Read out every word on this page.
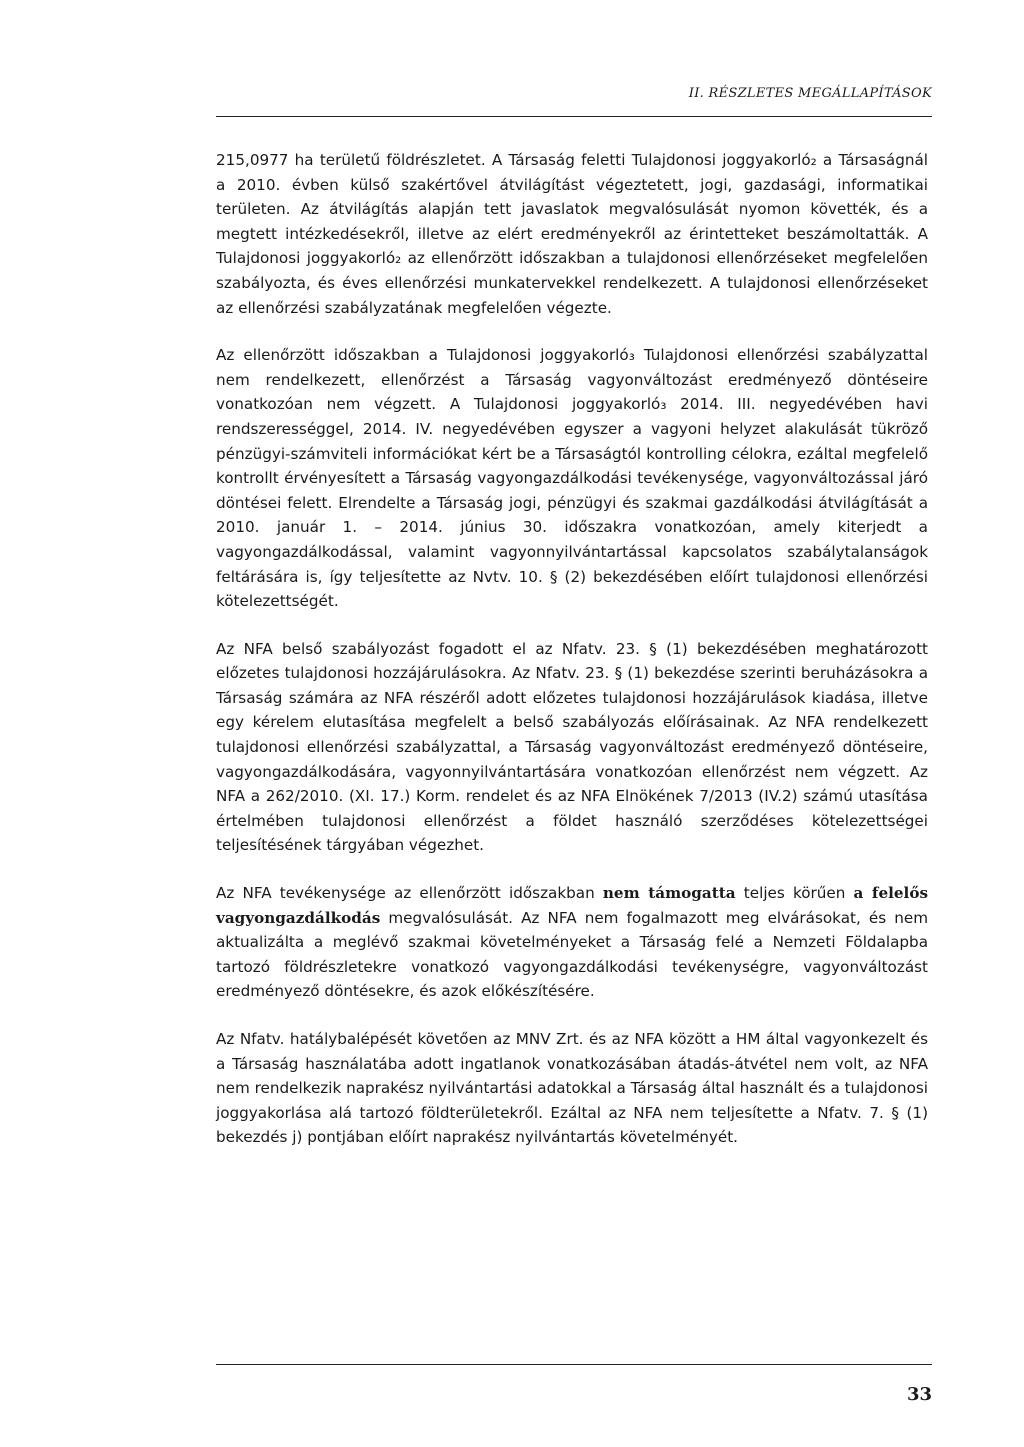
II. RÉSZLETES MEGÁLLAPÍTÁSOK

215,0977 ha területű földrészletet. A Társaság feletti Tulajdonosi joggyakorló₂ a Társaságnál a 2010. évben külső szakértővel átvilágítást végeztetett, jogi, gazdasági, informatikai területen. Az átvilágítás alapján tett javaslatok megvalósulását nyomon követték, és a megtett intézkedésekről, illetve az elért eredményekről az érintetteket beszámoltatták. A Tulajdonosi joggyakorló₂ az ellenőrzött időszakban a tulajdonosi ellenőrzéseket megfelelően szabályozta, és éves ellenőrzési munkatervekkel rendelkezett. A tulajdonosi ellenőrzéseket az ellenőrzési szabályzatának megfelelően végezte.

Az ellenőrzött időszakban a Tulajdonosi joggyakorló₃ Tulajdonosi ellenőrzési szabályzattal nem rendelkezett, ellenőrzést a Társaság vagyonváltozást eredményező döntéseire vonatkozóan nem végzett. A Tulajdonosi joggyakorló₃ 2014. III. negyedévében havi rendszerességgel, 2014. IV. negyedévében egyszer a vagyoni helyzet alakulását tükröző pénzügyi-számviteli információkat kért be a Társaságtól kontrolling célokra, ezáltal megfelelő kontrollt érvényesített a Társaság vagyongazdálkodási tevékenysége, vagyonváltozással járó döntései felett. Elrendelte a Társaság jogi, pénzügyi és szakmai gazdálkodási átvilágítását a 2010. január 1. – 2014. június 30. időszakra vonatkozóan, amely kiterjedt a vagyongazdálkodással, valamint vagyonnyilvántartással kapcsolatos szabálytalanságok feltárására is, így teljesítette az Nvtv. 10. § (2) bekezdésében előírt tulajdonosi ellenőrzési kötelezettségét.

Az NFA belső szabályozást fogadott el az Nfatv. 23. § (1) bekezdésében meghatározott előzetes tulajdonosi hozzájárulásokra. Az Nfatv. 23. § (1) bekezdése szerinti beruházásokra a Társaság számára az NFA részéről adott előzetes tulajdonosi hozzájárulások kiadása, illetve egy kérelem elutasítása megfelelt a belső szabályozás előírásainak. Az NFA rendelkezett tulajdonosi ellenőrzési szabályzattal, a Társaság vagyonváltozást eredményező döntéseire, vagyongazdálkodására, vagyonnyilvántartására vonatkozóan ellenőrzést nem végzett. Az NFA a 262/2010. (XI. 17.) Korm. rendelet és az NFA Elnökének 7/2013 (IV.2) számú utasítása értelmében tulajdonosi ellenőrzést a földet használó szerződéses kötelezettségei teljesítésének tárgyában végezhet.

Az NFA tevékenysége az ellenőrzött időszakban nem támogatta teljes körűen a felelős vagyongazdálkodás megvalósulását. Az NFA nem fogalmazott meg elvárásokat, és nem aktualizálta a meglévő szakmai követelményeket a Társaság felé a Nemzeti Földalapba tartozó földrészletekre vonatkozó vagyongazdálkodási tevékenységre, vagyonváltozást eredményező döntésekre, és azok előkészítésére.

Az Nfatv. hatálybalépését követően az MNV Zrt. és az NFA között a HM által vagyonkezelt és a Társaság használatába adott ingatlanok vonatkozásában átadás-átvétel nem volt, az NFA nem rendelkezik naprakész nyilvántartási adatokkal a Társaság által használt és a tulajdonosi joggyakorlása alá tartozó földterületekről. Ezáltal az NFA nem teljesítette a Nfatv. 7. § (1) bekezdés j) pontjában előírt naprakész nyilvántartás követelményét.

33
